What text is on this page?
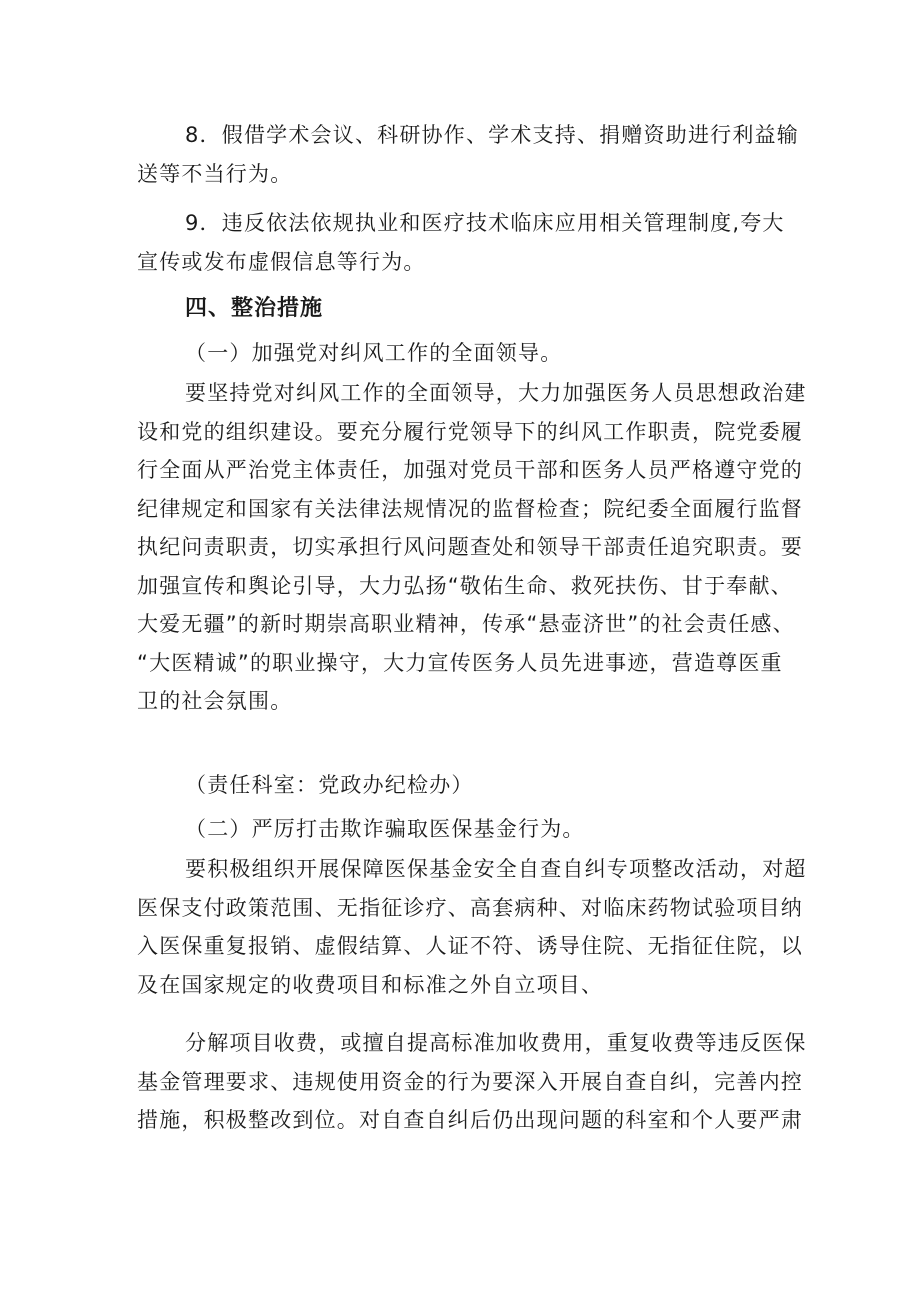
8．假借学术会议、科研协作、学术支持、捐赠资助进行利益输
送等不当行为。
9．违反依法依规执业和医疗技术临床应用相关管理制度,夸大
宣传或发布虚假信息等行为。
四、整治措施
（一）加强党对纠风工作的全面领导。
要坚持党对纠风工作的全面领导，大力加强医务人员思想政治建
设和党的组织建设。要充分履行党领导下的纠风工作职责，院党委履
行全面从严治党主体责任，加强对党员干部和医务人员严格遵守党的
纪律规定和国家有关法律法规情况的监督检查；院纪委全面履行监督
执纪问责职责，切实承担行风问题查处和领导干部责任追究职责。要
加强宣传和舆论引导，大力弘扬“敬佑生命、救死扶伤、甘于奉献、
大爱无疆”的新时期崇高职业精神，传承“悬壶济世”的社会责任感、
“大医精诚”的职业操守，大力宣传医务人员先进事迹，营造尊医重
卫的社会氛围。
（责任科室：党政办纪检办）
（二）严厉打击欺诈骗取医保基金行为。
要积极组织开展保障医保基金安全自查自纠专项整改活动，对超
医保支付政策范围、无指征诊疗、高套病种、对临床药物试验项目纳
入医保重复报销、虚假结算、人证不符、诱导住院、无指征住院，以
及在国家规定的收费项目和标准之外自立项目、
分解项目收费，或擅自提高标准加收费用，重复收费等违反医保
基金管理要求、违规使用资金的行为要深入开展自查自纠，完善内控
措施，积极整改到位。对自查自纠后仍出现问题的科室和个人要严肃
